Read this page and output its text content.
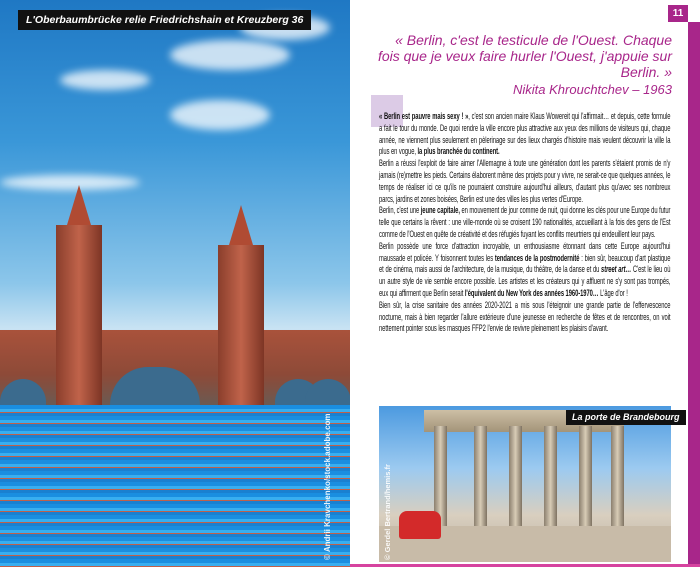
L'Oberbaumbrücke relie Friedrichshain et Kreuzberg 36
© Andrii Kravchenko/stock.adobe.com
11
« Berlin, c'est le testicule de l'Ouest. Chaque fois que je veux faire hurler l'Ouest, j'appuie sur Berlin. »
Nikita Khrouchtchev – 1963

« Berlin est pauvre mais sexy ! », c'est son ancien maire Klaus Wowereit qui l'affirmait… et depuis, cette formule a fait le tour du monde. De quoi rendre la ville encore plus attractive aux yeux des millions de visiteurs qui, chaque année, ne viennent plus seulement en pèlerinage sur des lieux chargés d'histoire mais veulent découvrir la ville la plus en vogue, la plus branchée du continent.

Berlin a réussi l'exploit de faire aimer l'Allemagne à toute une génération dont les parents s'étaient promis de n'y jamais (re)mettre les pieds. Certains élaborent même des projets pour y vivre, ne serait-ce que quelques années, le temps de réaliser ici ce qu'ils ne pourraient construire aujourd'hui ailleurs, d'autant plus qu'avec ses nombreux parcs, jardins et zones boisées, Berlin est une des villes les plus vertes d'Europe.

Berlin, c'est une jeune capitale, en mouvement de jour comme de nuit, qui donne les clés pour une Europe du futur telle que certains la rêvent : une ville-monde où se croisent 190 nationalités, accueillant à la fois des gens de l'Est comme de l'Ouest en quête de créativité et des réfugiés fuyant les conflits meurtriers qui endeuillent leur pays.

Berlin possède une force d'attraction incroyable, un enthousiasme étonnant dans cette Europe aujourd'hui maussade et policée. Y foisonnent toutes les tendances de la postmodernité : bien sûr, beaucoup d'art plastique et de cinéma, mais aussi de l'architecture, de la musique, du théâtre, de la danse et du street art… C'est le lieu où un autre style de vie semble encore possible. Les artistes et les créateurs qui y affluent ne s'y sont pas trompés, eux qui affirment que Berlin serait l'équivalent du New York des années 1960-1970… L'âge d'or !

Bien sûr, la crise sanitaire des années 2020-2021 a mis sous l'éteignoir une grande partie de l'effervescence nocturne, mais à bien regarder l'allure extérieure d'une jeunesse en recherche de fêtes et de rencontres, on voit nettement pointer sous les masques FFP2 l'envie de revivre pleinement les plaisirs d'avant.

La porte de Brandebourg
© Gerdel Bertrand/hemis.fr
